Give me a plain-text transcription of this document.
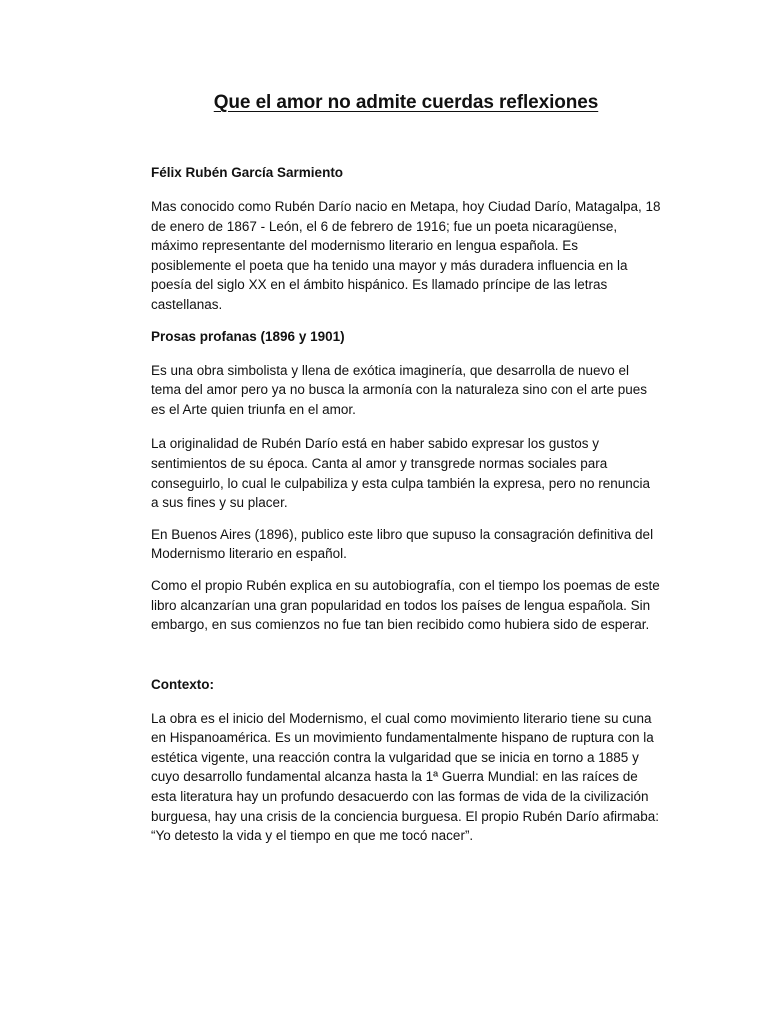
Que el amor no admite cuerdas reflexiones

Félix Rubén García Sarmiento

Mas conocido como Rubén Darío nacio en Metapa, hoy Ciudad Darío, Matagalpa, 18 de enero de 1867 - León, el 6 de febrero de 1916; fue un poeta nicaragüense, máximo representante del modernismo literario en lengua española. Es posiblemente el poeta que ha tenido una mayor y más duradera influencia en la poesía del siglo XX en el ámbito hispánico. Es llamado príncipe de las letras castellanas.

Prosas profanas (1896 y 1901)

Es una obra simbolista y llena de exótica imaginería, que desarrolla de nuevo el tema del amor pero ya no busca la armonía con la naturaleza sino con el arte pues es el Arte quien triunfa en el amor.

La originalidad de Rubén Darío está en haber sabido expresar los gustos y sentimientos de su época. Canta al amor y transgrede normas sociales para conseguirlo, lo cual le culpabiliza y esta culpa también la expresa, pero no renuncia a sus fines y su placer.

En Buenos Aires (1896), publico este libro que supuso la consagración definitiva del Modernismo literario en español.

Como el propio Rubén explica en su autobiografía, con el tiempo los poemas de este libro alcanzarían una gran popularidad en todos los países de lengua española. Sin embargo, en sus comienzos no fue tan bien recibido como hubiera sido de esperar.

Contexto:

La obra es el inicio del Modernismo, el cual como movimiento literario tiene su cuna en Hispanoamérica. Es un movimiento fundamentalmente hispano de ruptura con la estética vigente, una reacción contra la vulgaridad que se inicia en torno a 1885 y cuyo desarrollo fundamental alcanza hasta la 1ª Guerra Mundial: en las raíces de esta literatura hay un profundo desacuerdo con las formas de vida de la civilización burguesa, hay una crisis de la conciencia burguesa. El propio Rubén Darío afirmaba: “Yo detesto la vida y el tiempo en que me tocó nacer”.
